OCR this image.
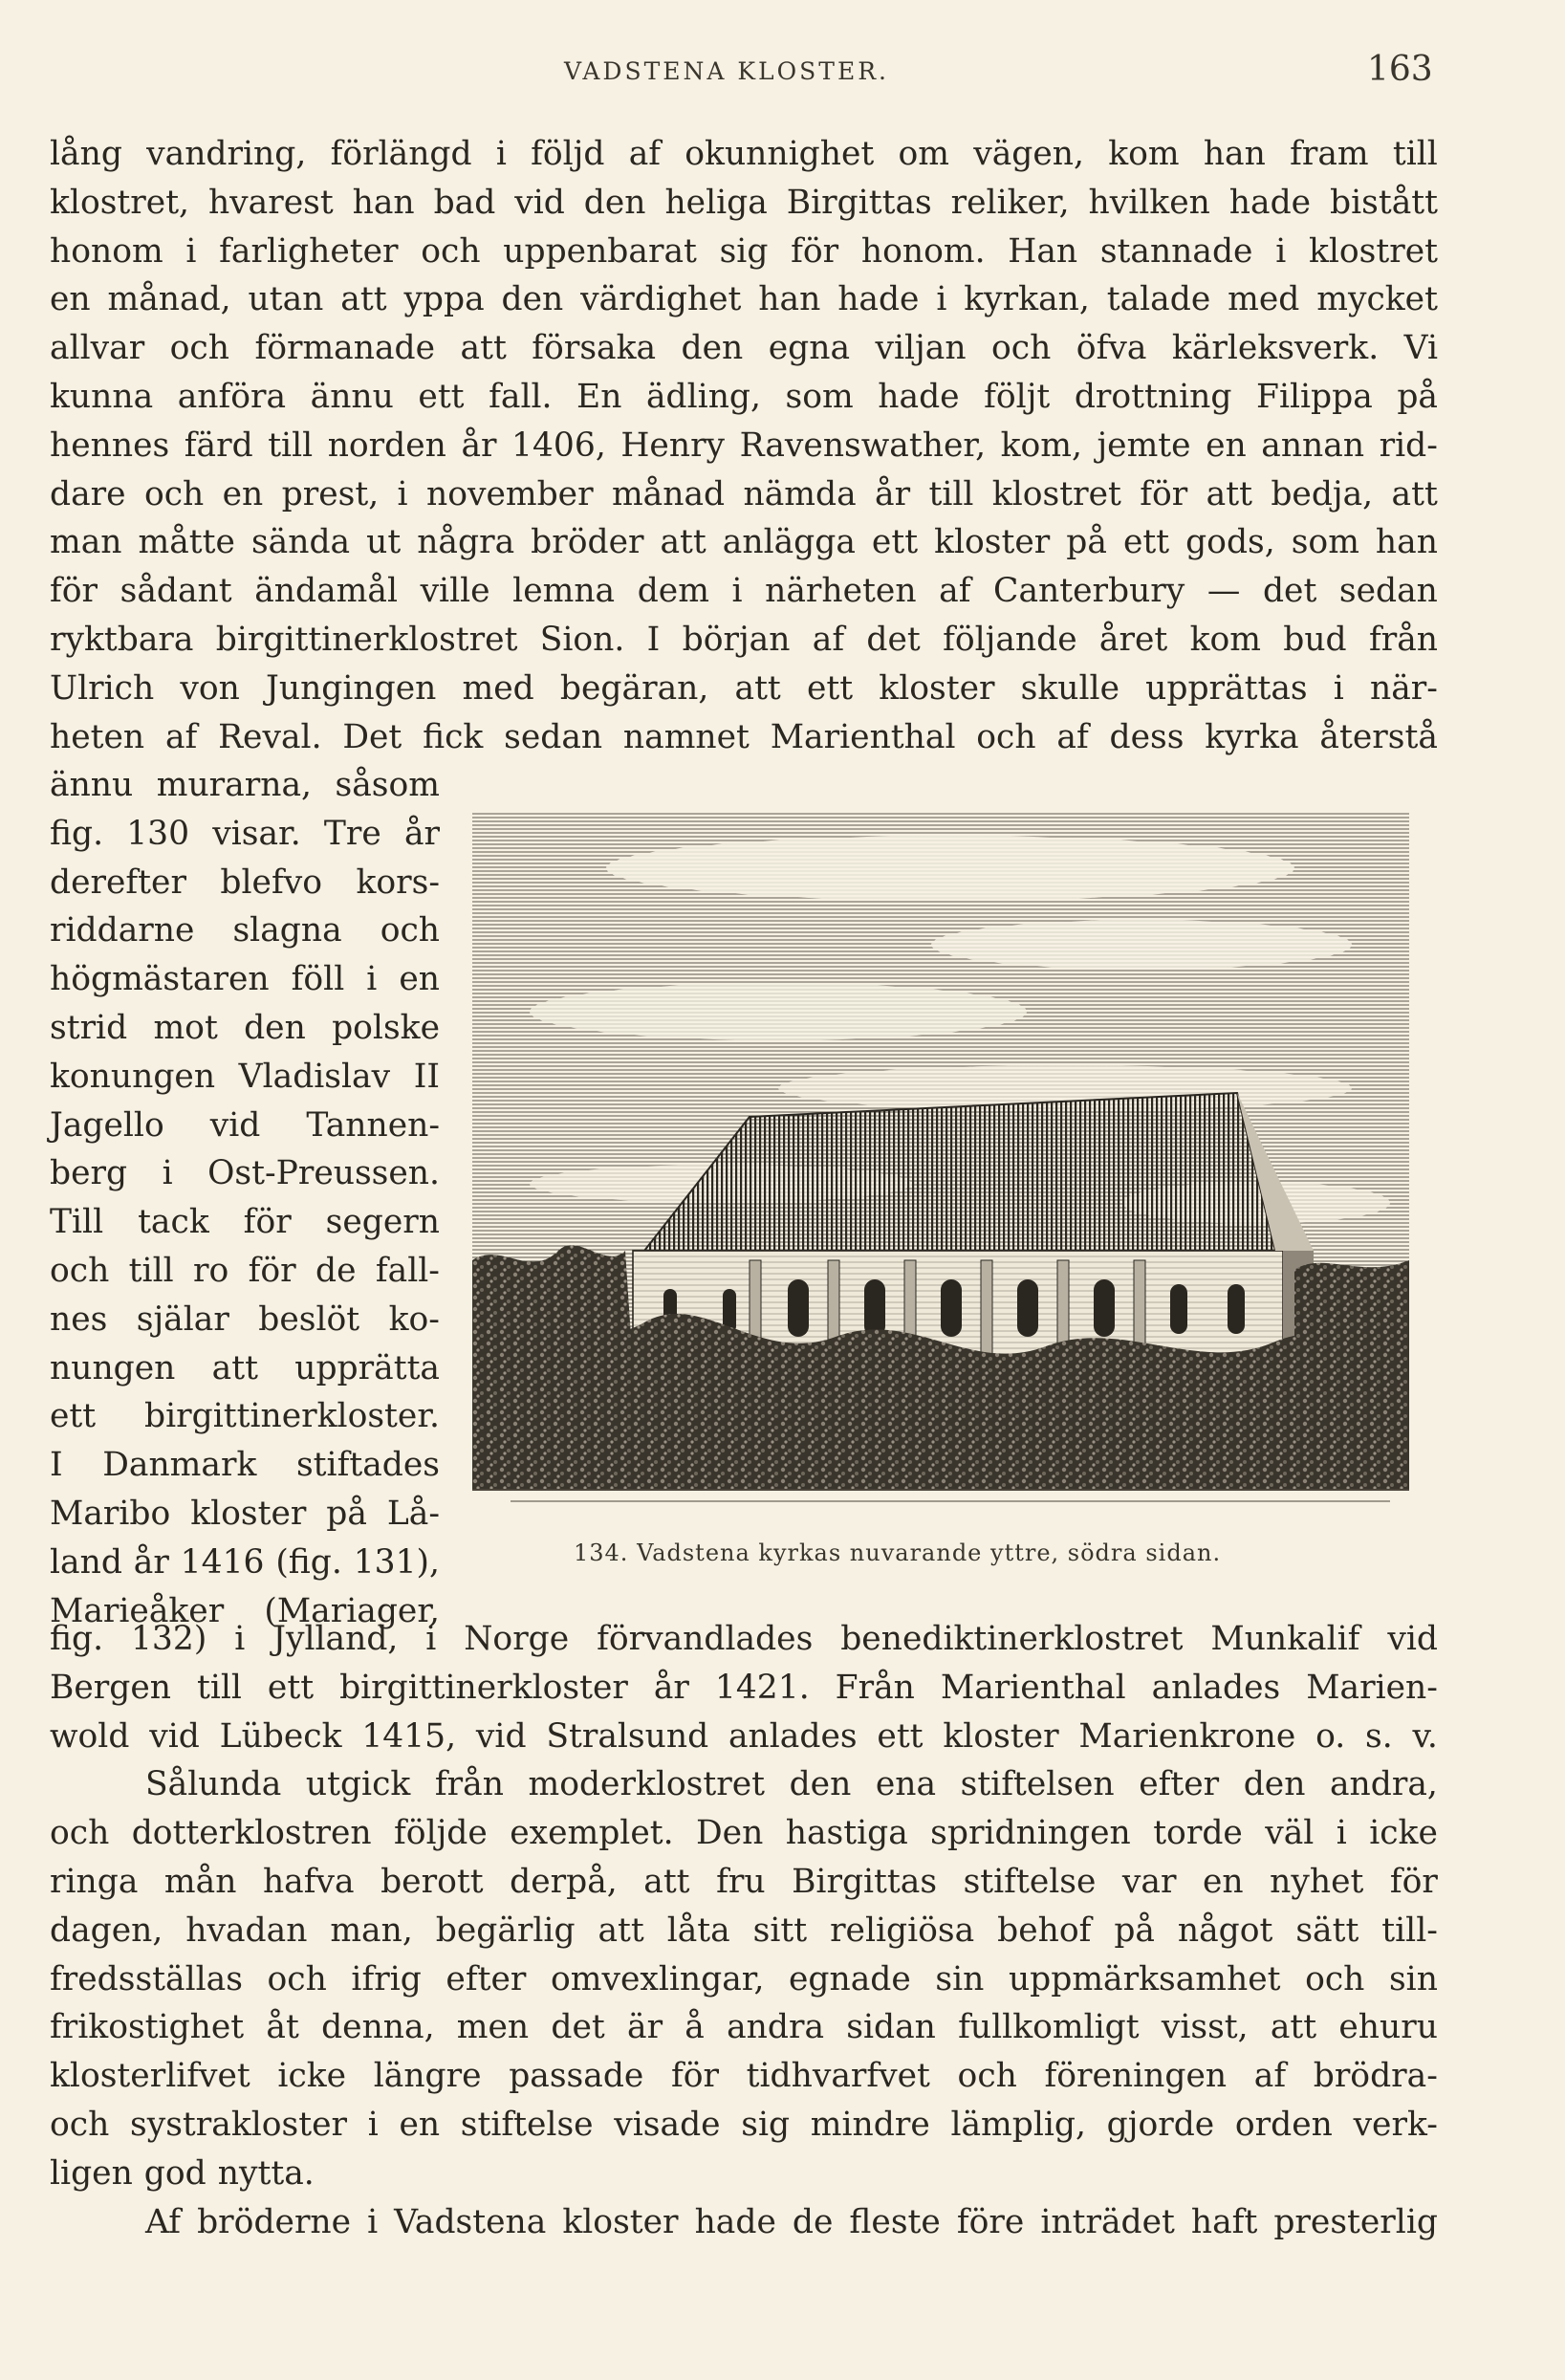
VADSTENA KLOSTER.	163
lång vandring, förlängd i följd af okunnighet om vägen, kom han fram till
klostret, hvarest han bad vid den heliga Birgittas reliker, hvilken hade bistått
honom i farligheter och uppenbarat sig för honom. Han stannade i klostret
en månad, utan att yppa den värdighet han hade i kyrkan, talade med mycket
allvar och förmanade att försaka den egna viljan och öfva kärleksverk. Vi
kunna anföra ännu ett fall. En ädling, som hade följt drottning Filippa på
hennes färd till norden år 1406, Henry Ravenswather, kom, jemte en annan rid-
dare och en prest, i november månad nämda år till klostret för att bedja, att
man måtte sända ut några bröder att anlägga ett kloster på ett gods, som han
för sådant ändamål ville lemna dem i närheten af Canterbury — det sedan
ryktbara birgittinerklostret Sion. I början af det följande året kom bud från
Ulrich von Jungingen med begäran, att ett kloster skulle upprättas i när-
heten af Reval. Det fick sedan namnet Marienthal och af dess kyrka återstå
ännu murarna, såsom
fig. 130 visar. Tre år
derefter blefvo kors-
riddarne slagna och
högmästaren föll i en
strid mot den polske
konungen Vladislav II
Jagello vid Tannen-
berg i Ost-Preussen.
Till tack för segern
och till ro för de fall-
nes själar beslöt ko-
nungen att upprätta
ett birgittinerkloster.
I Danmark stiftades
Maribo kloster på Lå-
land år 1416 (fig. 131),
Marieåker (Mariager,
134. Vadstena kyrkas nuvarande yttre, södra sidan.
fig. 132) i Jylland, i Norge förvandlades benediktinerklostret Munkalif vid
Bergen till ett birgittinerkloster år 1421. Från Marienthal anlades Marien-
wold vid Lübeck 1415, vid Stralsund anlades ett kloster Marienkrone o. s. v.
Sålunda utgick från moderklostret den ena stiftelsen efter den andra,
och dotterklostren följde exemplet. Den hastiga spridningen torde väl i icke
ringa mån hafva berott derpå, att fru Birgittas stiftelse var en nyhet för
dagen, hvadan man, begärlig att låta sitt religiösa behof på något sätt till-
fredsställas och ifrig efter omvexlingar, egnade sin uppmärksamhet och sin
frikostighet åt denna, men det är å andra sidan fullkomligt visst, att ehuru
klosterlifvet icke längre passade för tidhvarfvet och föreningen af brödra-
och systrakloster i en stiftelse visade sig mindre lämplig, gjorde orden verk-
ligen god nytta.
Af bröderne i Vadstena kloster hade de fleste före inträdet haft presterlig
